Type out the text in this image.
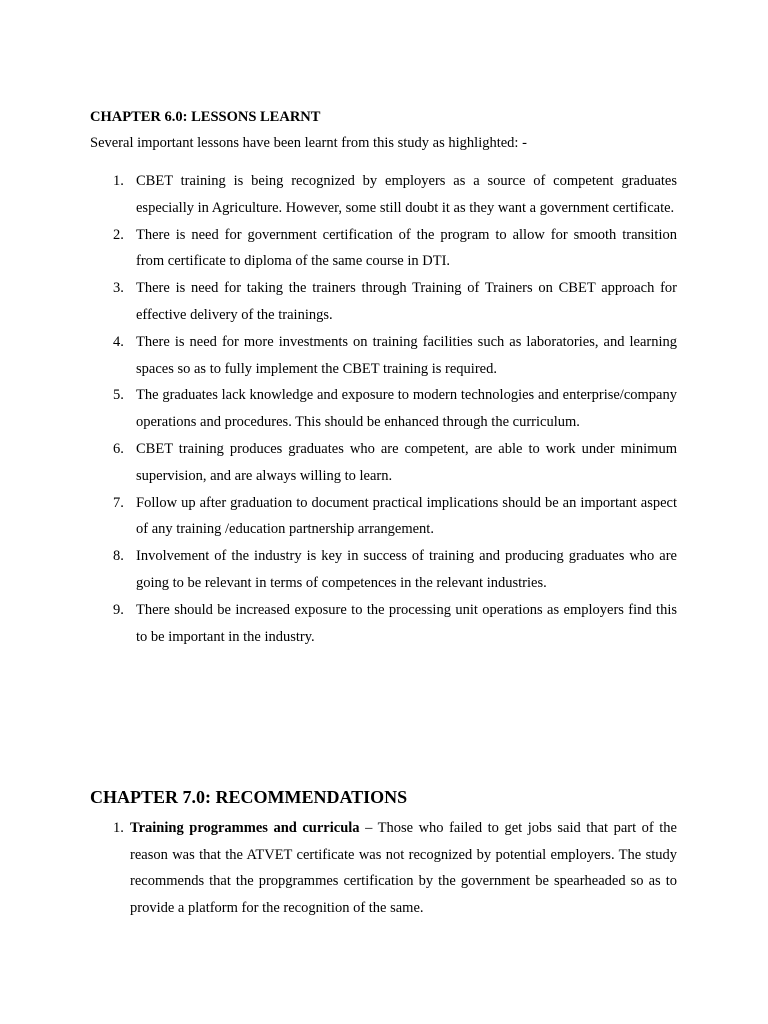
CHAPTER 6.0: LESSONS LEARNT
Several important lessons have been learnt from this study as highlighted: -
1. CBET training is being recognized by employers as a source of competent graduates especially in Agriculture. However, some still doubt it as they want a government certificate.
2. There is need for government certification of the program to allow for smooth transition from certificate to diploma of the same course in DTI.
3. There is need for taking the trainers through Training of Trainers on CBET approach for effective delivery of the trainings.
4. There is need for more investments on training facilities such as laboratories, and learning spaces so as to fully implement the CBET training is required.
5. The graduates lack knowledge and exposure to modern technologies and enterprise/company operations and procedures. This should be enhanced through the curriculum.
6. CBET training produces graduates who are competent, are able to work under minimum supervision, and are always willing to learn.
7. Follow up after graduation to document practical implications should be an important aspect of any training /education partnership arrangement.
8. Involvement of the industry is key in success of training and producing graduates who are going to be relevant in terms of competences in the relevant industries.
9. There should be increased exposure to the processing unit operations as employers find this to be important in the industry.
CHAPTER 7.0: RECOMMENDATIONS
1. Training programmes and curricula – Those who failed to get jobs said that part of the reason was that the ATVET certificate was not recognized by potential employers. The study recommends that the propgrammes certification by the government be spearheaded so as to provide a platform for the recognition of the same.
